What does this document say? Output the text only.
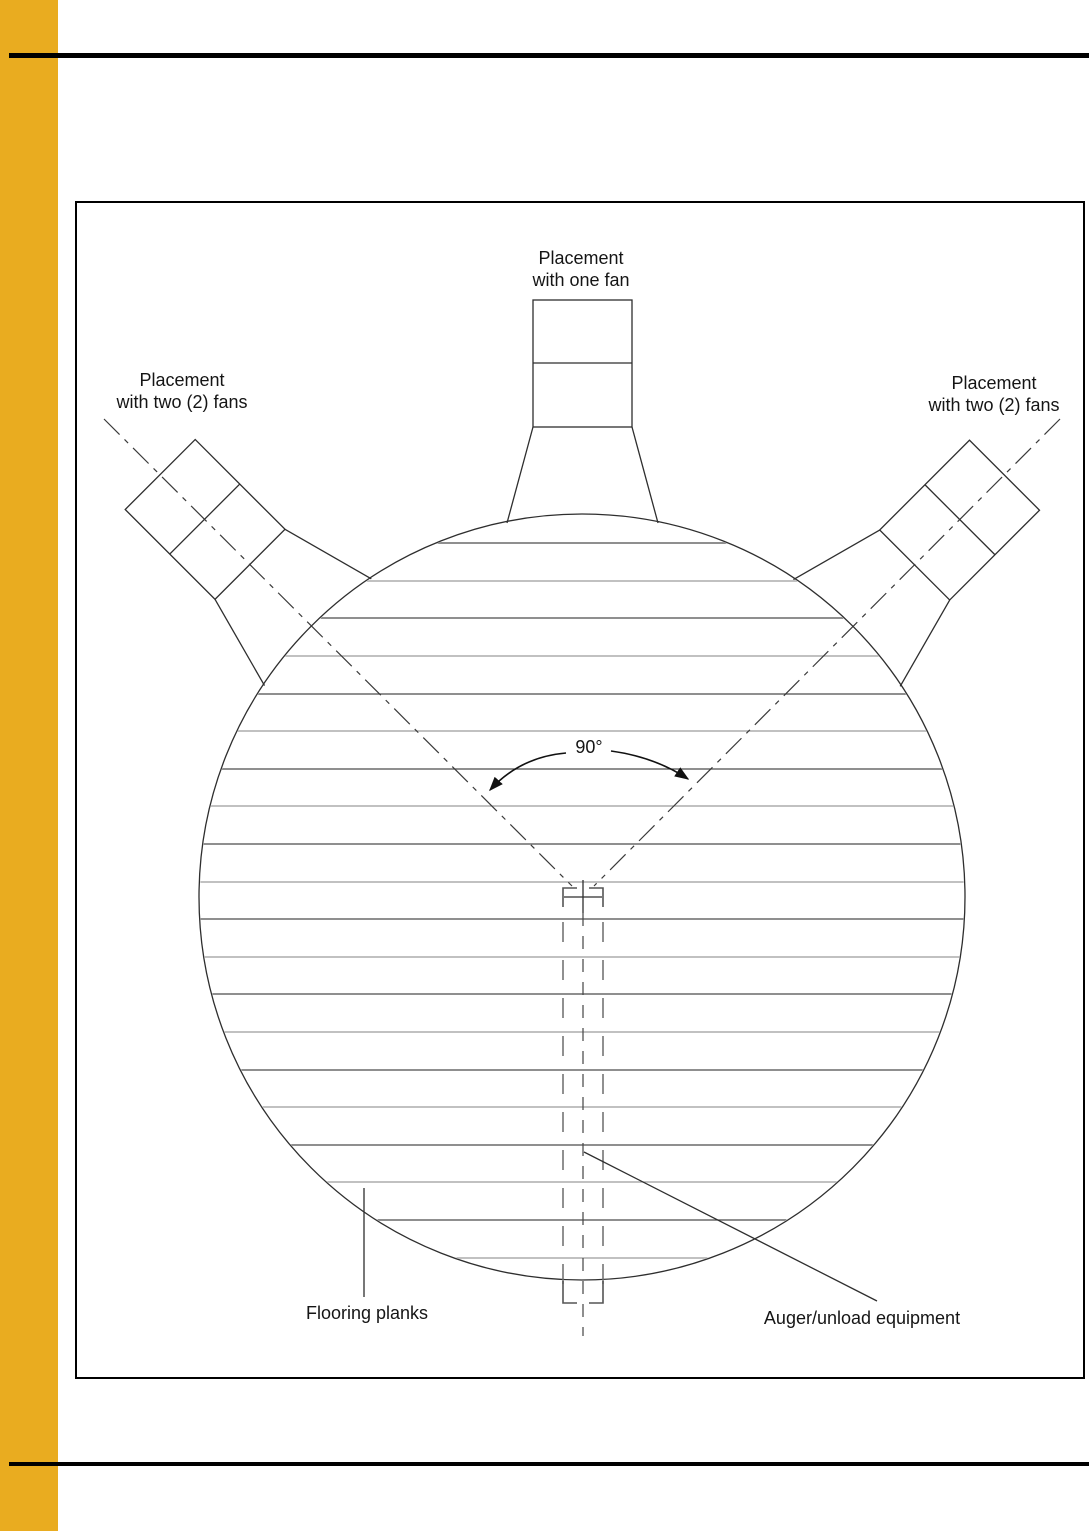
90°
Placement
with one fan
Placement
with two (2) fans
Placement
with two (2) fans
Flooring planks	Auger/unload equipment
